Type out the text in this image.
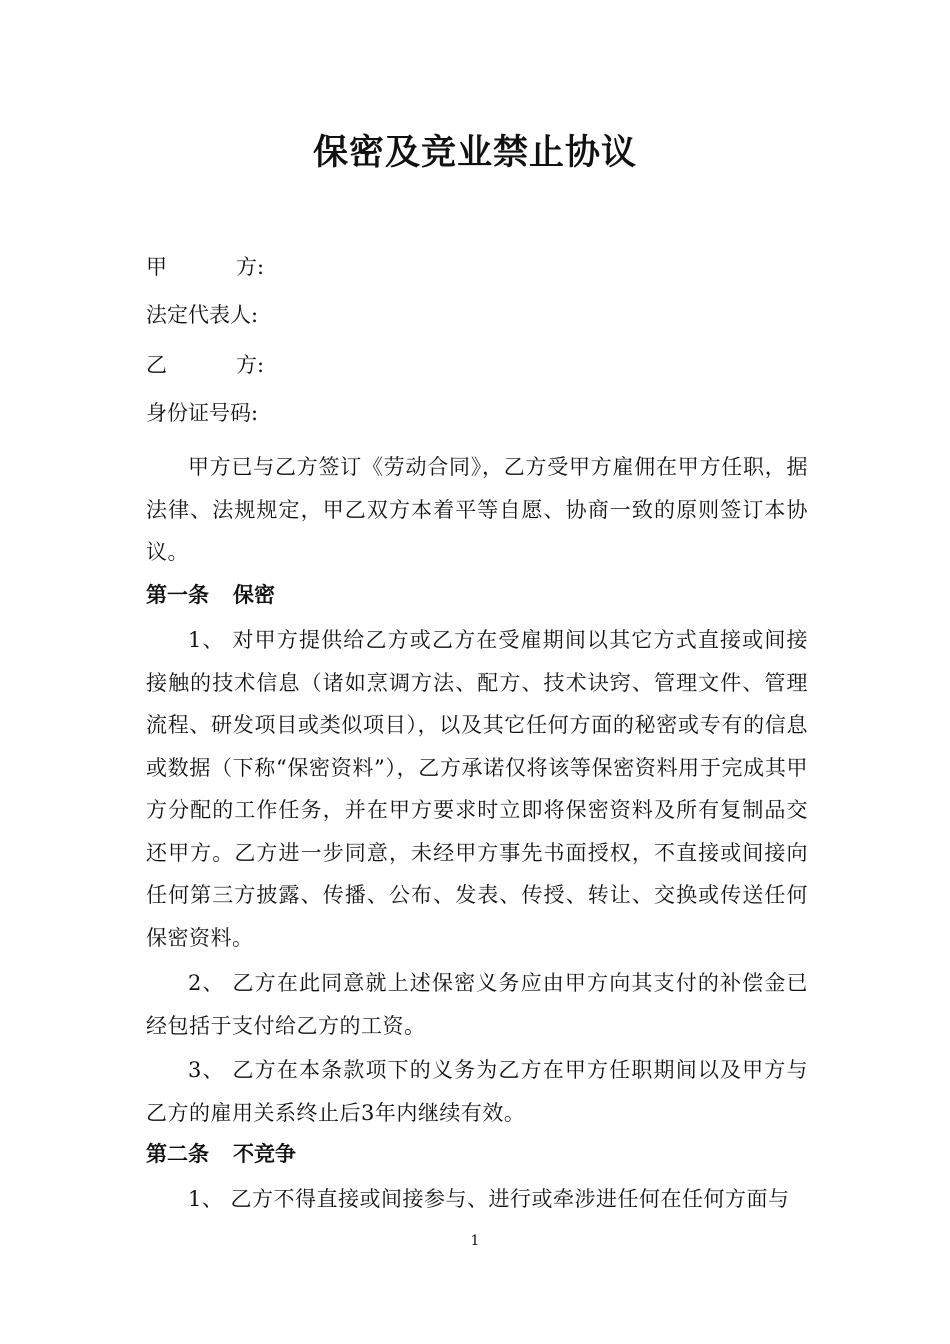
保密及竞业禁止协议
甲	方 :
法定代表人:
乙	方 :
身份证号码:
甲方已与乙方签订《劳动合同》，乙方受甲方雇佣在甲方任职，据法律、法规规定，甲乙双方本着平等自愿、协商一致的原则签订本协议。
第一条 保密
1、 对甲方提供给乙方或乙方在受雇期间以其它方式直接或间接接触的技术信息（诸如烹调方法、配方、技术诀窍、管理文件、管理流程、研发项目或类似项目），以及其它任何方面的秘密或专有的信息或数据（下称“保密资料”），乙方承诺仅将该等保密资料用于完成其甲方分配的工作任务，并在甲方要求时立即将保密资料及所有复制品交还甲方。乙方进一步同意，未经甲方事先书面授权，不直接或间接向任何第三方披露、传播、公布、发表、传授、转让、交换或传送任何保密资料。
2、 乙方在此同意就上述保密义务应由甲方向其支付的补偿金已经包括于支付给乙方的工资。
3、 乙方在本条款项下的义务为乙方在甲方任职期间以及甲方与乙方的雇用关系终止后3年内继续有效。
第二条 不竞争
1、 乙方不得直接或间接参与、进行或牵涉进任何在任何方面与
1
